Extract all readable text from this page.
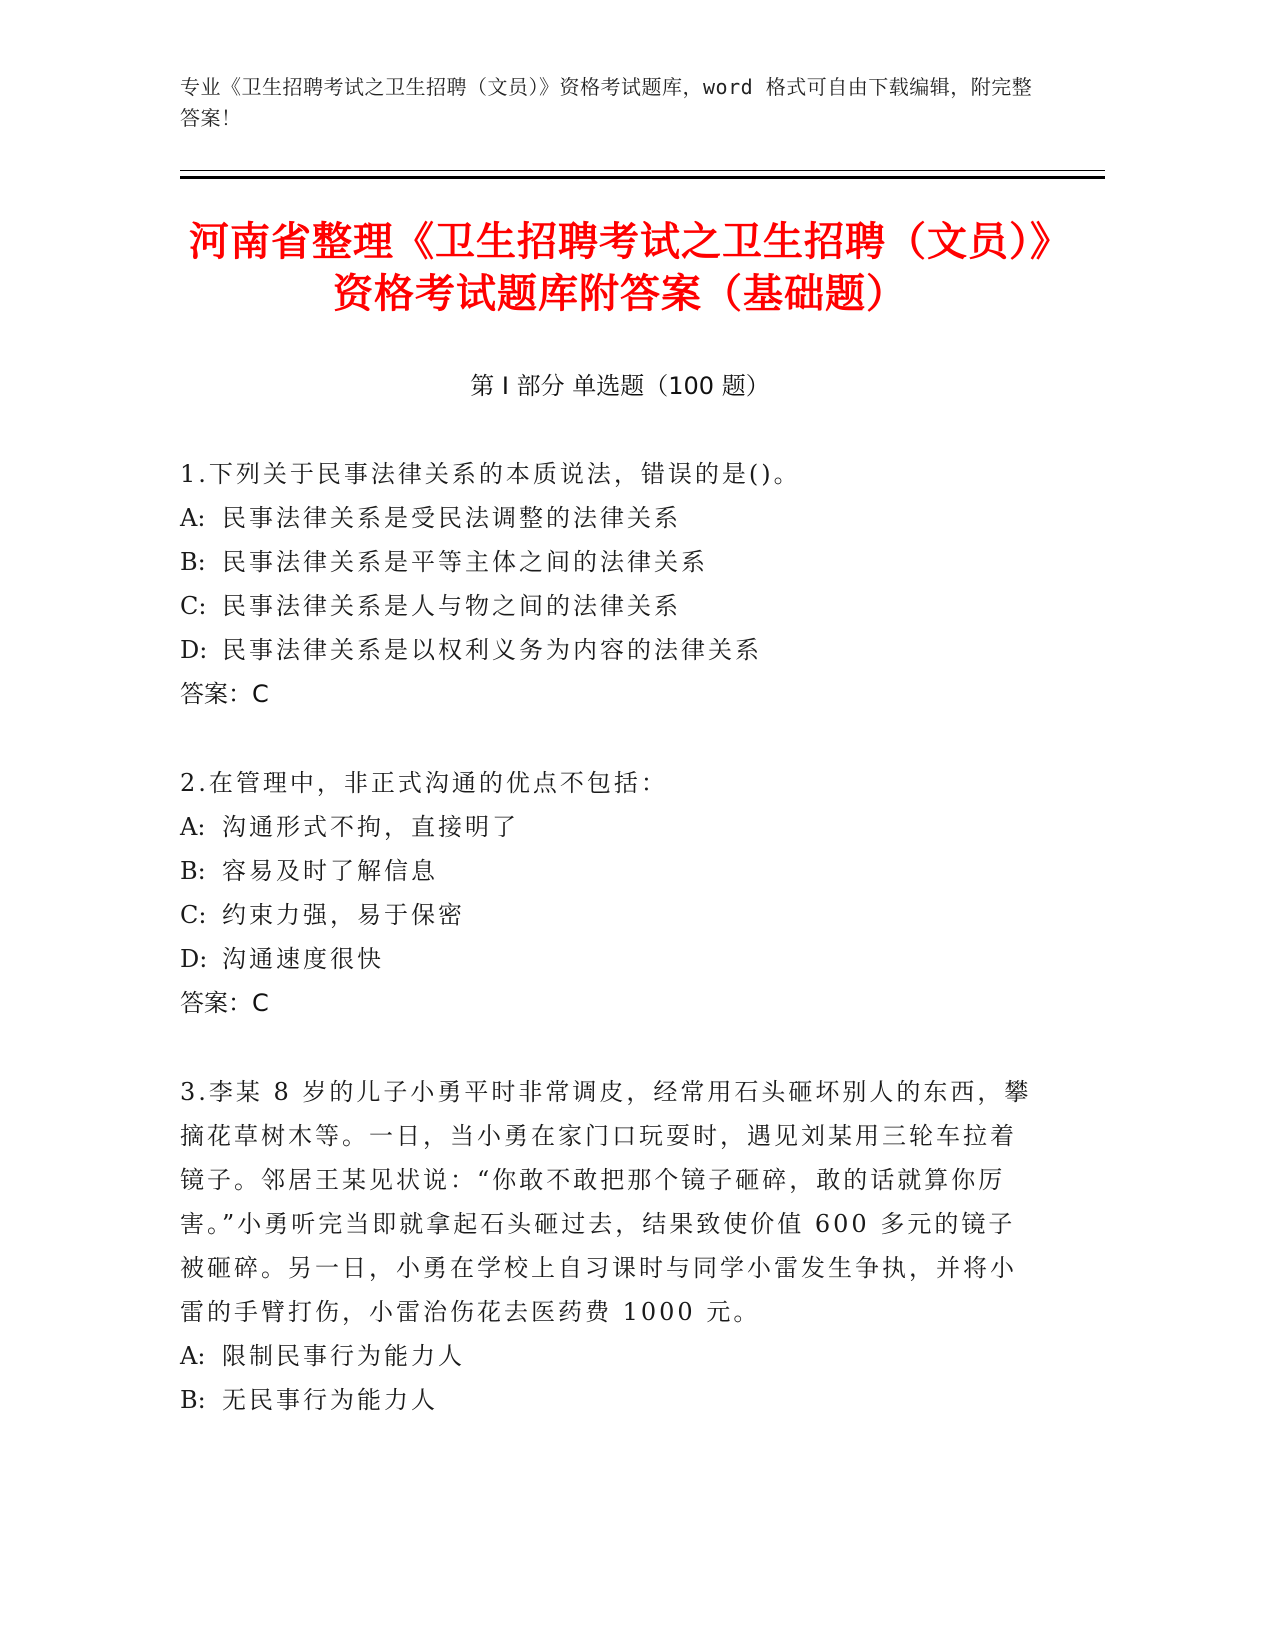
专业《卫生招聘考试之卫生招聘（文员）》资格考试题库，word 格式可自由下载编辑，附完整答案！
河南省整理《卫生招聘考试之卫生招聘（文员）》资格考试题库附答案（基础题）
第 I 部分 单选题（100 题）

1.下列关于民事法律关系的本质说法，错误的是()。

A: 民事法律关系是受民法调整的法律关系

B: 民事法律关系是平等主体之间的法律关系

C: 民事法律关系是人与物之间的法律关系

D: 民事法律关系是以权利义务为内容的法律关系

答案：C

2.在管理中，非正式沟通的优点不包括：

A: 沟通形式不拘，直接明了

B: 容易及时了解信息

C: 约束力强，易于保密

D: 沟通速度很快

答案：C

3.李某 8 岁的儿子小勇平时非常调皮，经常用石头砸坏别人的东西，攀摘花草树木等。一日，当小勇在家门口玩耍时，遇见刘某用三轮车拉着镜子。邻居王某见状说：“你敢不敢把那个镜子砸碎，敢的话就算你厉害。”小勇听完当即就拿起石头砸过去，结果致使价值 600 多元的镜子被砸碎。另一日，小勇在学校上自习课时与同学小雷发生争执，并将小雷的手臂打伤，小雷治伤花去医药费 1000 元。

A: 限制民事行为能力人

B: 无民事行为能力人
